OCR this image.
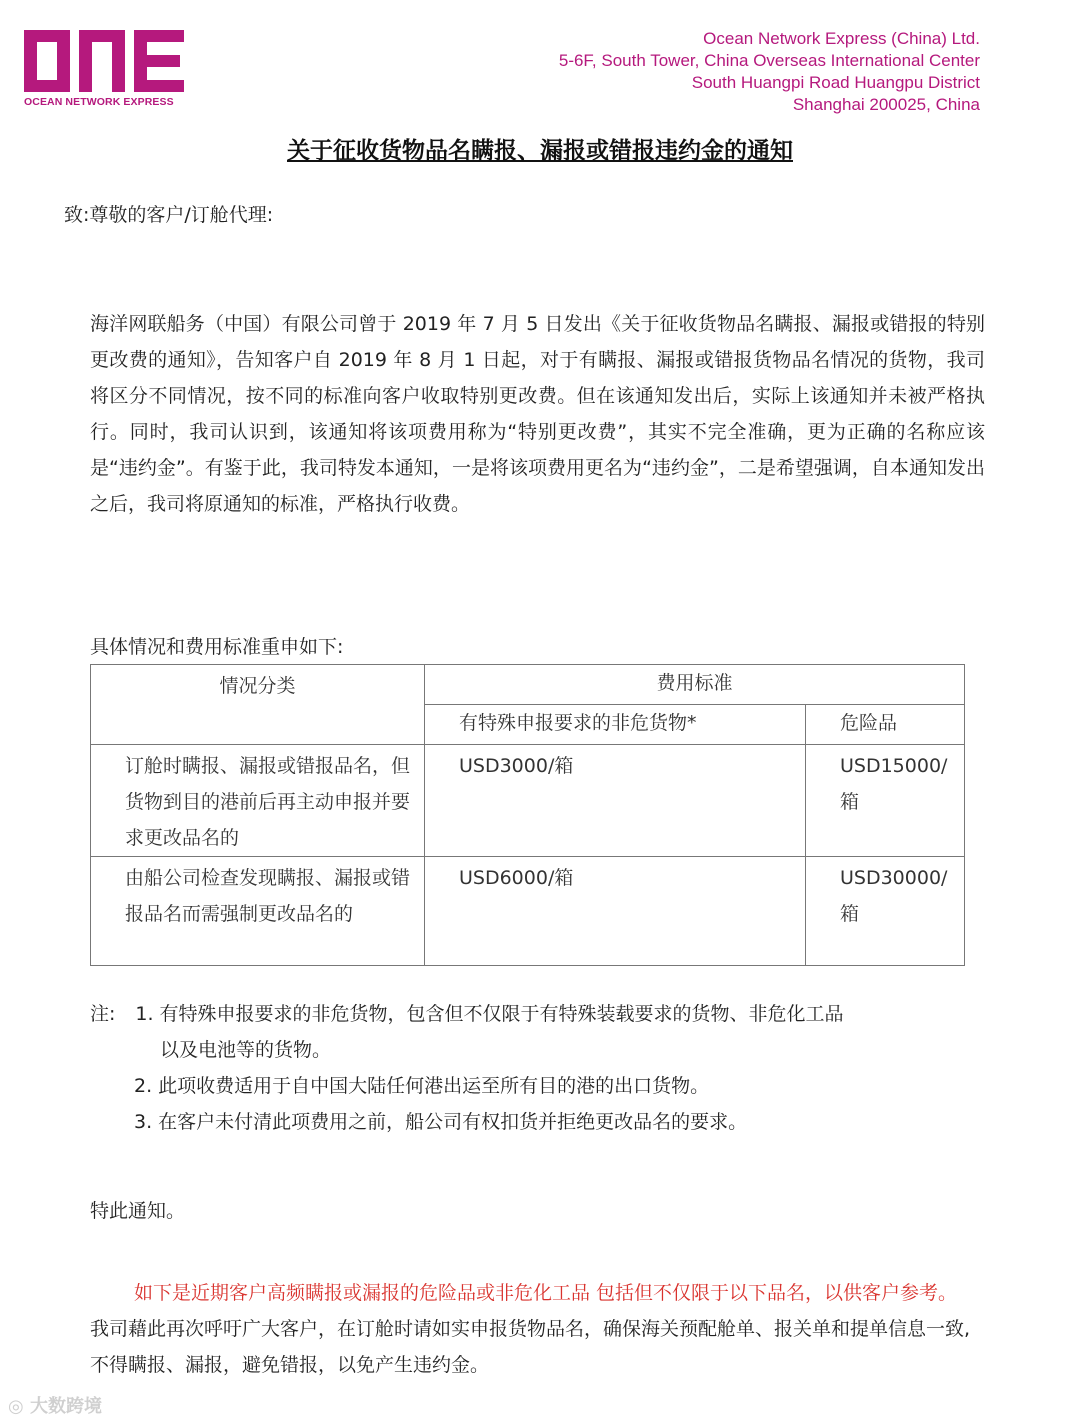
OCEAN NETWORK EXPRESS
Ocean Network Express (China) Ltd.
5-6F, South Tower, China Overseas International Center
South Huangpi Road Huangpu District
Shanghai 200025, China
关于征收货物品名瞒报、漏报或错报违约金的通知
致:尊敬的客户/订舱代理:
海洋网联船务（中国）有限公司曾于 2019 年 7 月 5 日发出《关于征收货物品名瞒报、漏报或错报的特别更改费的通知》，告知客户自 2019 年 8 月 1 日起，对于有瞒报、漏报或错报货物品名情况的货物，我司将区分不同情况，按不同的标准向客户收取特别更改费。但在该通知发出后，实际上该通知并未被严格执行。同时，我司认识到，该通知将该项费用称为“特别更改费”，其实不完全准确，更为正确的名称应该是“违约金”。有鉴于此，我司特发本通知，一是将该项费用更名为“违约金”，二是希望强调，自本通知发出之后，我司将原通知的标准，严格执行收费。
具体情况和费用标准重申如下:
情况分类	费用标准	
	有特殊申报要求的非危货物*	危险品
订舱时瞒报、漏报或错报品名，但货物到目的港前后再主动申报并要求更改品名的	USD3000/箱	USD15000/箱
由船公司检查发现瞒报、漏报或错报品名而需强制更改品名的	USD6000/箱	USD30000/箱
注: 1. 有特殊申报要求的非危货物，包含但不仅限于有特殊装载要求的货物、非危化工品
以及电池等的货物。
2. 此项收费适用于自中国大陆任何港出运至所有目的港的出口货物。
3. 在客户未付清此项费用之前，船公司有权扣货并拒绝更改品名的要求。
特此通知。
如下是近期客户高频瞒报或漏报的危险品或非危化工品 包括但不仅限于以下品名，以供客户参考。我司藉此再次呼吁广大客户，在订舱时请如实申报货物品名，确保海关预配舱单、报关单和提单信息一致,不得瞒报、漏报，避免错报，以免产生违约金。
◎ 大数跨境
